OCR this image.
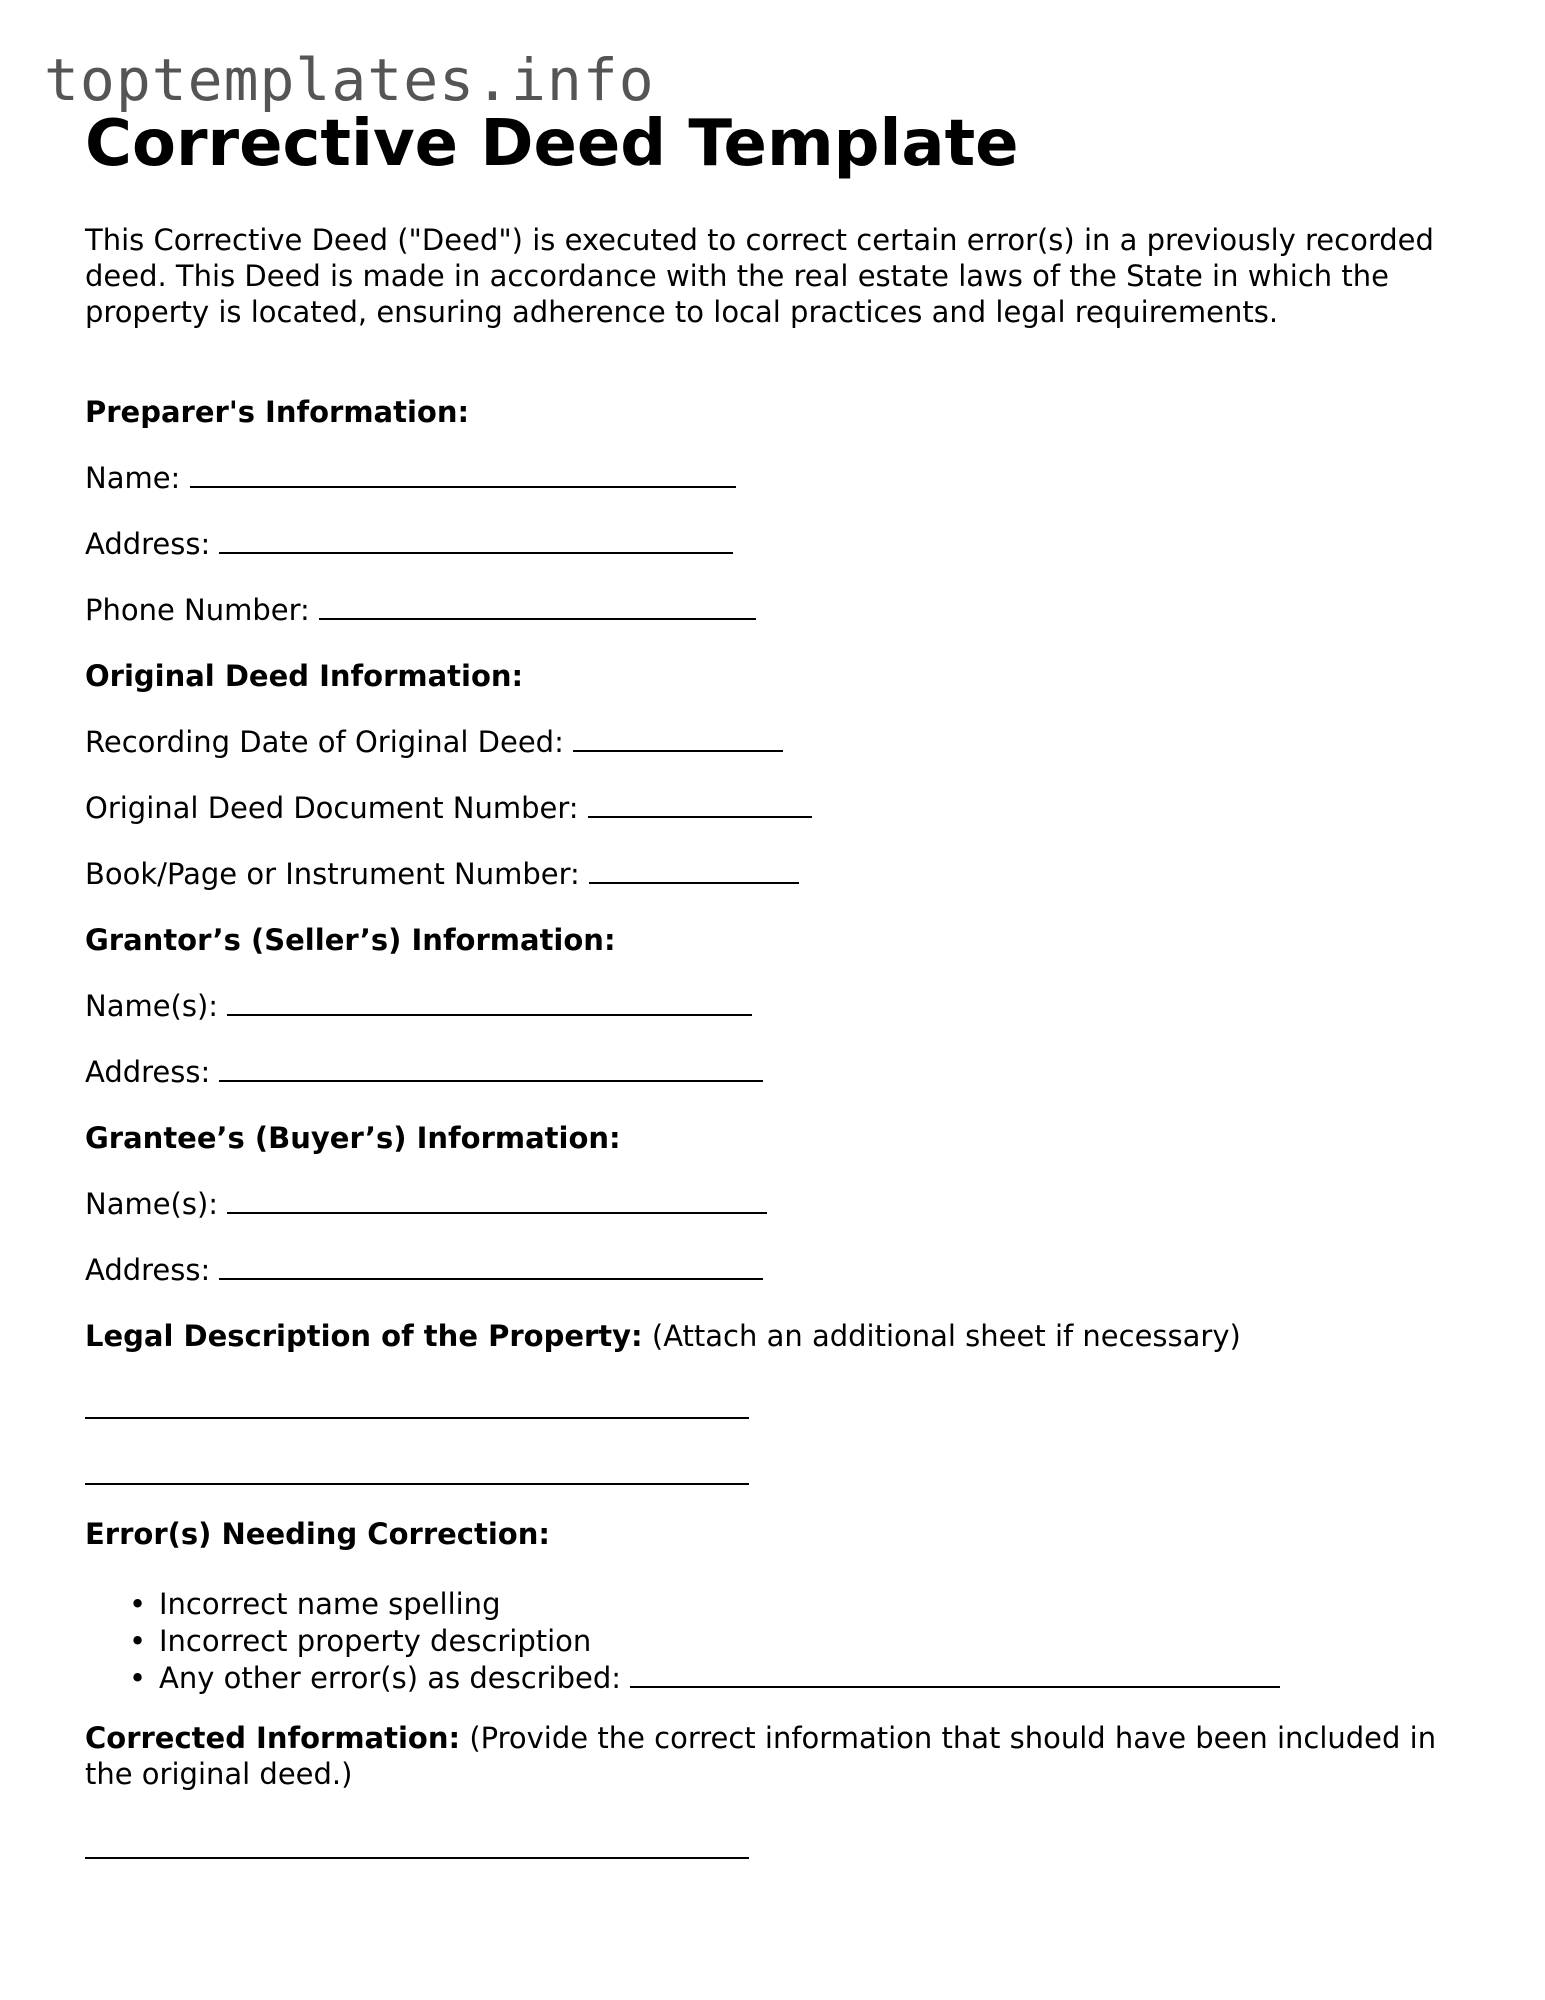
toptemplates.info
Corrective Deed Template

This Corrective Deed ("Deed") is executed to correct certain error(s) in a previously recorded deed. This Deed is made in accordance with the real estate laws of the State in which the property is located, ensuring adherence to local practices and legal requirements.

Preparer's Information:

Name:

Address:

Phone Number:

Original Deed Information:

Recording Date of Original Deed:

Original Deed Document Number:

Book/Page or Instrument Number:

Grantor’s (Seller’s) Information:

Name(s):

Address:

Grantee’s (Buyer’s) Information:

Name(s):

Address:

Legal Description of the Property: (Attach an additional sheet if necessary)

Error(s) Needing Correction:

• Incorrect name spelling
• Incorrect property description
• Any other error(s) as described:

Corrected Information: (Provide the correct information that should have been included in the original deed.)
